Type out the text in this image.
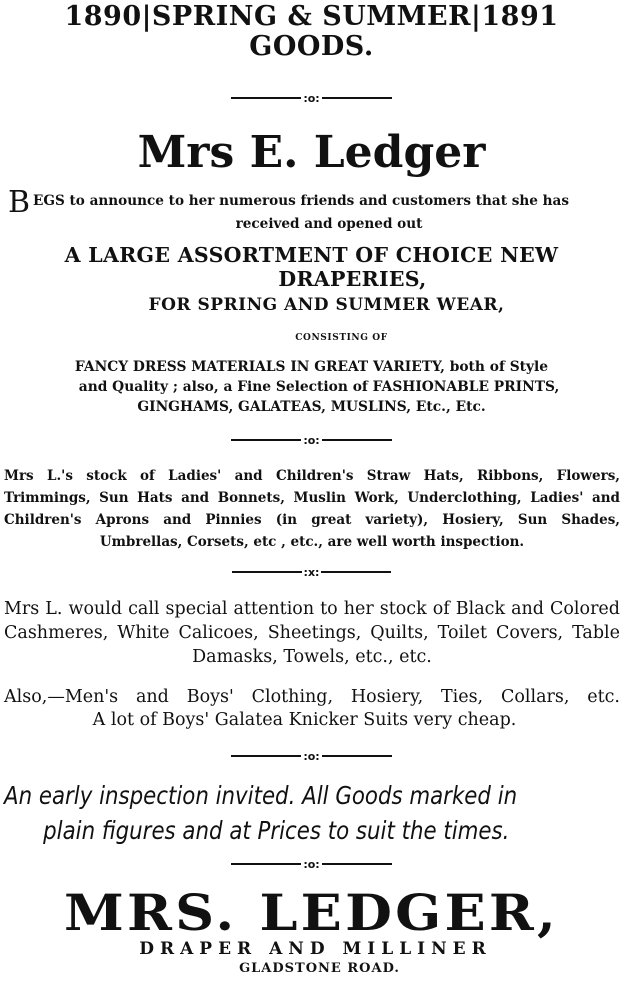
1890|SPRING & SUMMER|1891
GOODS.
:o:
Mrs E. Ledger
B EGS to announce to her numerous friends and customers that she has
received and opened out
A LARGE ASSORTMENT OF CHOICE NEW
DRAPERIES,
FOR SPRING AND SUMMER WEAR,
CONSISTING OF
FANCY DRESS MATERIALS IN GREAT VARIETY, both of Style
and Quality ; also, a Fine Selection of FASHIONABLE PRINTS,
GINGHAMS, GALATEAS, MUSLINS, Etc., Etc.
:o:
Mrs L.'s stock of Ladies' and Children's Straw Hats, Ribbons, Flowers, Trimmings, Sun Hats and Bonnets, Muslin Work, Underclothing, Ladies' and Children's Aprons and Pinnies (in great variety), Hosiery, Sun Shades, Umbrellas, Corsets, etc , etc., are well worth inspection.
:x:
Mrs L. would call special attention to her stock of Black and Colored Cashmeres, White Calicoes, Sheetings, Quilts, Toilet Covers, Table Damasks, Towels, etc., etc.
Also,—Men's and Boys' Clothing, Hosiery, Ties, Collars, etc.
A lot of Boys' Galatea Knicker Suits very cheap.
:o:
An early inspection invited. All Goods marked in
plain figures and at Prices to suit the times.
:o:
MRS. LEDGER,
DRAPER AND MILLINER
GLADSTONE ROAD.
